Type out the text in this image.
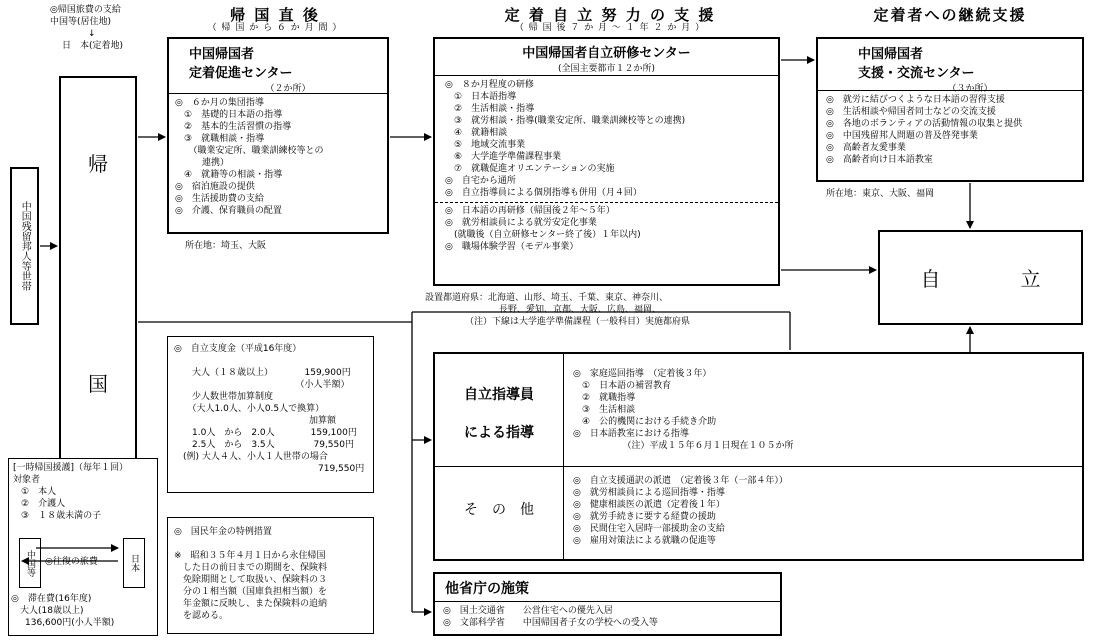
◎帰国旅費の支給
中国等(居住地)
↓
日　本(定着地)
帰 国 直 後
（ 帰 国 か ら ６ か 月 間 ）
定 着 自 立 努 力 の 支 援
（ 帰 国 後 ７ か 月 〜 １ 年 ２ か 月 ）
定着者への継続支援
中国残留邦人等世帯
帰
国
中国帰国者
定着促進センター
（２か所）
◎　６か月の集団指導
　①　基礎的日本語の指導
　②　基本的生活習慣の指導
　③　就職相談・指導
　　（職業安定所、職業訓練校等との
　　　連携）
　④　就籍等の相談・指導
◎　宿泊施設の提供
◎　生活援助費の支給
◎　介護、保育職員の配置
所在地：埼玉、大阪
中国帰国者自立研修センター
(全国主要都市１２か所)
◎　８か月程度の研修
　①　日本語指導
　②　生活相談・指導
　③　就労相談・指導(職業安定所、職業訓練校等との連携)
　④　就籍相談
　⑤　地域交流事業
　⑥　大学進学準備課程事業
　⑦　就職促進オリエンテーションの実施
◎　自宅から通所
◎　自立指導員による個別指導も併用（月４回）
◎　日本語の再研修（帰国後２年〜５年）
◎　就労相談員による就労安定化事業
　(就職後（自立研修センター終了後）１年以内)
◎　職場体験学習（モデル事業）
設置都道府県：北海道、山形、埼玉、千葉、東京、神奈川、
長野、愛知、京都、大阪、広島、福岡、
（注）下線は大学進学準備課程（一般科目）実施都府県
中国帰国者
支援・交流センター
（３か所）
◎　就労に結びつくような日本語の習得支援
◎　生活相談や帰国者同士などの交流支援
◎　各地のボランティアの活動情報の収集と提供
◎　中国残留邦人問題の普及啓発事業
◎　高齢者友愛事業
◎　高齢者向け日本語教室
所在地：東京、大阪、福岡
自　　　　立
◎　自立支度金（平成16年度）

　　大人（１８歳以上）　　　　159,900円
　　　　　　　　　　　　　　（小人半額）
　　少人数世帯加算制度
　　（大人1.0人、小人0.5人で換算）
　　　　　　　　　　　　　　　加算額
　　1.0人　から　2.0人　　　　159,100円
　　2.5人　から　3.5人　　　　 79,550円
　(例) 大人４人、小人１人世帯の場合
　　　　　　　　　　　　　　　　719,550円
◎　国民年金の特例措置

※　昭和３５年４月１日から永住帰国
　した日の前日までの期間を、保険料
　免除期間として取扱い、保険料の３
　分の１相当額（国庫負担相当額）を
　年金額に反映し、また保険料の追納
　を認める。
自立指導員
による指導
◎　家庭巡回指導　（定着後３年）
　①　日本語の補習教育
　②　就職指導
　③　生活相談
　④　公的機関における手続き介助
◎　日本語教室における指導
　　　　　　（注）平成１５年６月１日現在１０５か所
そ　の　他
◎　自立支援通訳の派遣　（定着後３年（一部４年））
◎　就労相談員による巡回指導・指導
◎　健康相談医の派遣（定着後１年）
◎　就労手続きに要する経費の援助
◎　民間住宅入居時一部援助金の支給
◎　雇用対策法による就職の促進等
他省庁の施策
◎　国土交通省　　公営住宅への優先入居
◎　文部科学省　　中国帰国者子女の学校への受入等
[一時帰国援護]（毎年１回）
対象者
①　本人
②　介護人
③　１８歳未満の子
中国等	日本
◎往復の旅費
◎　滞在費(16年度)
　大人(18歳以上)
136,600円(小人半額)
